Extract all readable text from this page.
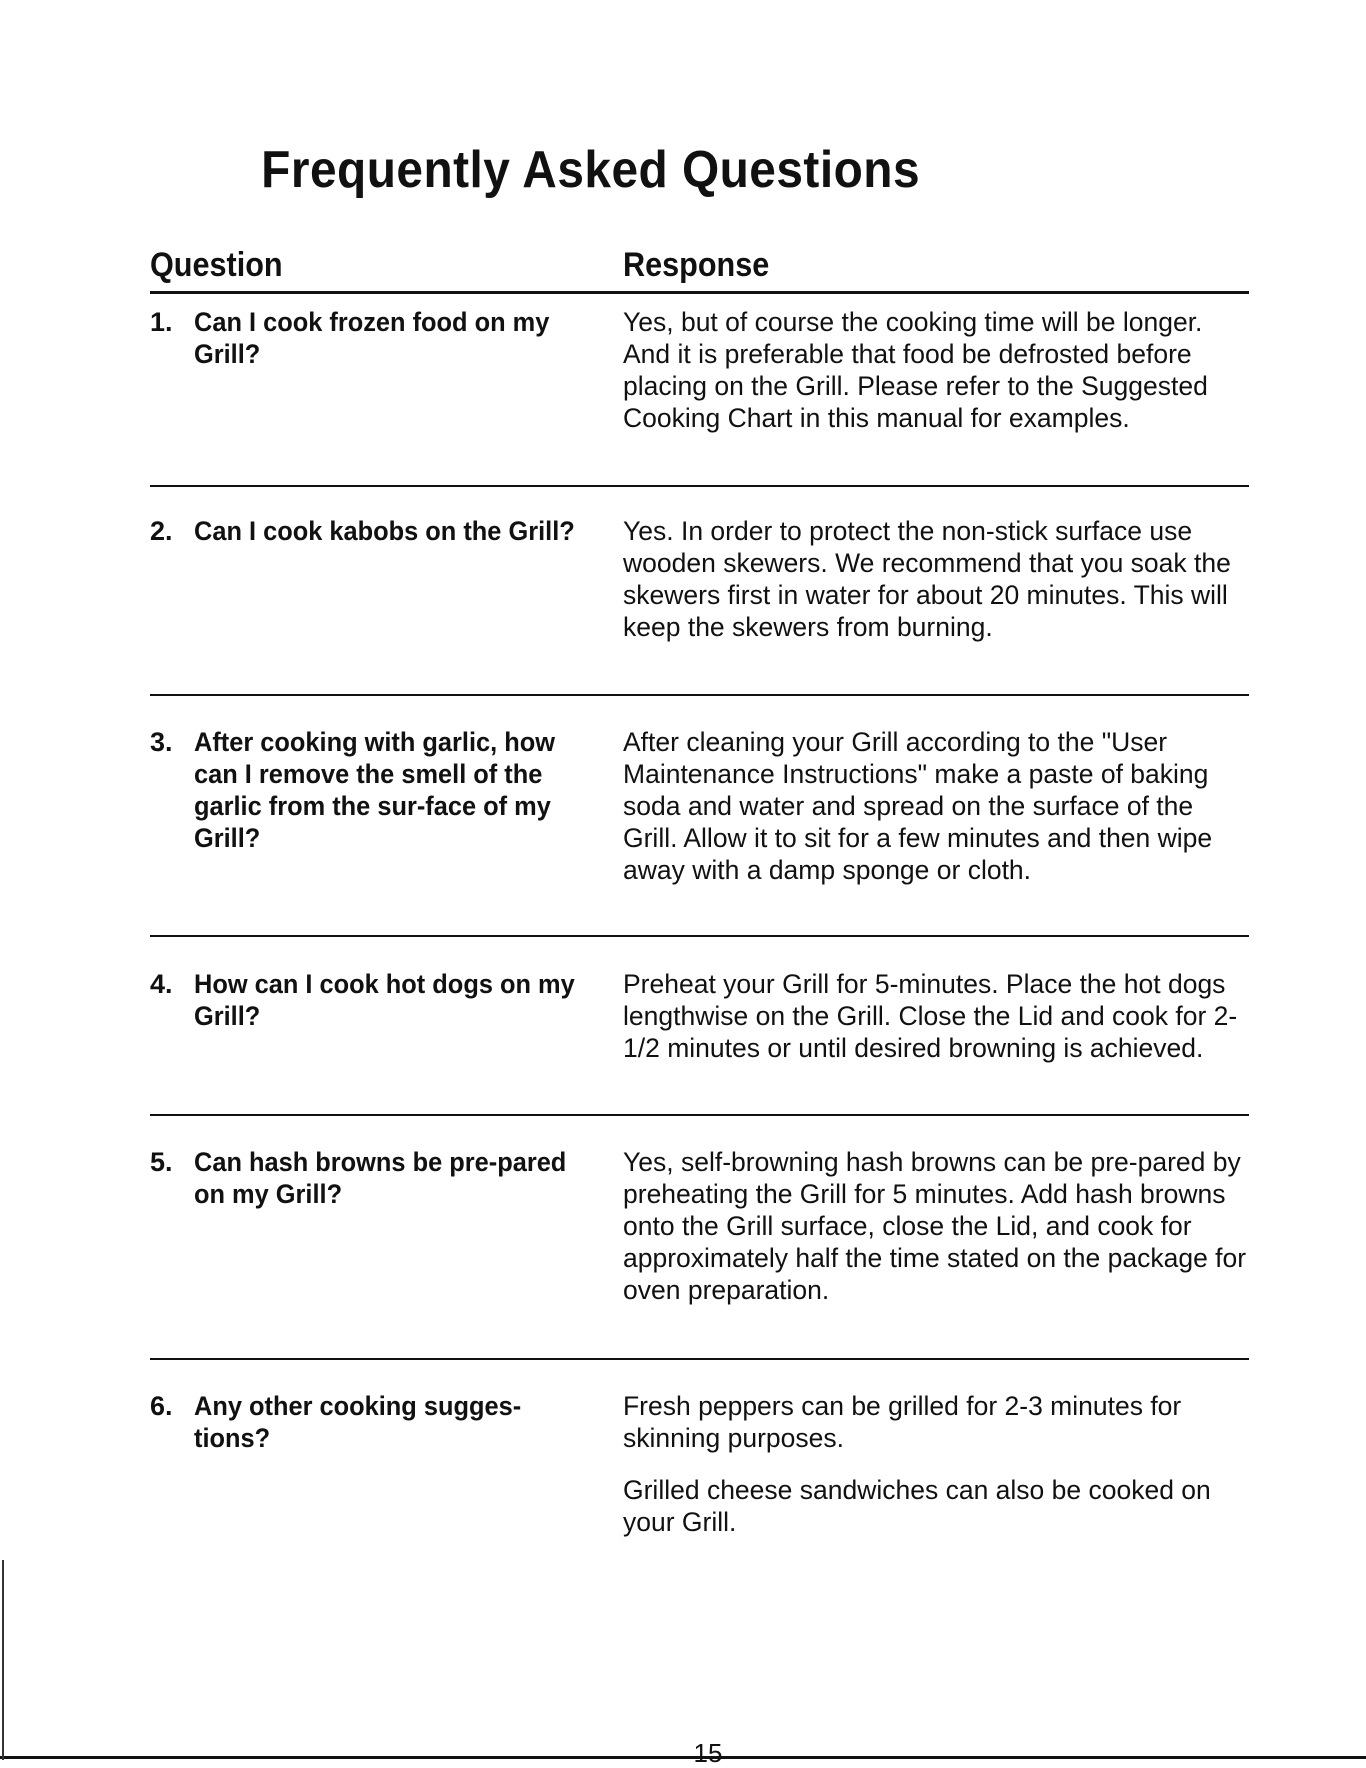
Frequently Asked Questions
Question	Response
1. Can I cook frozen food on my Grill?

Yes, but of course the cooking time will be longer. And it is preferable that food be defrosted before placing on the Grill. Please refer to the Suggested Cooking Chart in this manual for examples.

2. Can I cook kabobs on the Grill?	Yes. In order to protect the non-stick surface use wooden skewers. We recommend that you soak the skewers first in water for about 20 minutes. This will keep the skewers from burning.

3. After cooking with garlic, how can I remove the smell of the garlic from the sur-face of my Grill?

After cleaning your Grill according to the "User Maintenance Instructions" make a paste of baking soda and water and spread on the surface of the Grill. Allow it to sit for a few minutes and then wipe away with a damp sponge or cloth.

4. How can I cook hot dogs on my Grill?

Preheat your Grill for 5-minutes. Place the hot dogs lengthwise on the Grill. Close the Lid and cook for 2-1/2 minutes or until desired browning is achieved.

5. Can hash browns be pre-pared on my Grill?

Yes, self-browning hash browns can be pre-pared by preheating the Grill for 5 minutes. Add hash browns onto the Grill surface, close the Lid, and cook for approximately half the time stated on the package for oven preparation.

6. Any other cooking sugges-tions?

Fresh peppers can be grilled for 2-3 minutes for skinning purposes.

Grilled cheese sandwiches can also be cooked on your Grill.

15
